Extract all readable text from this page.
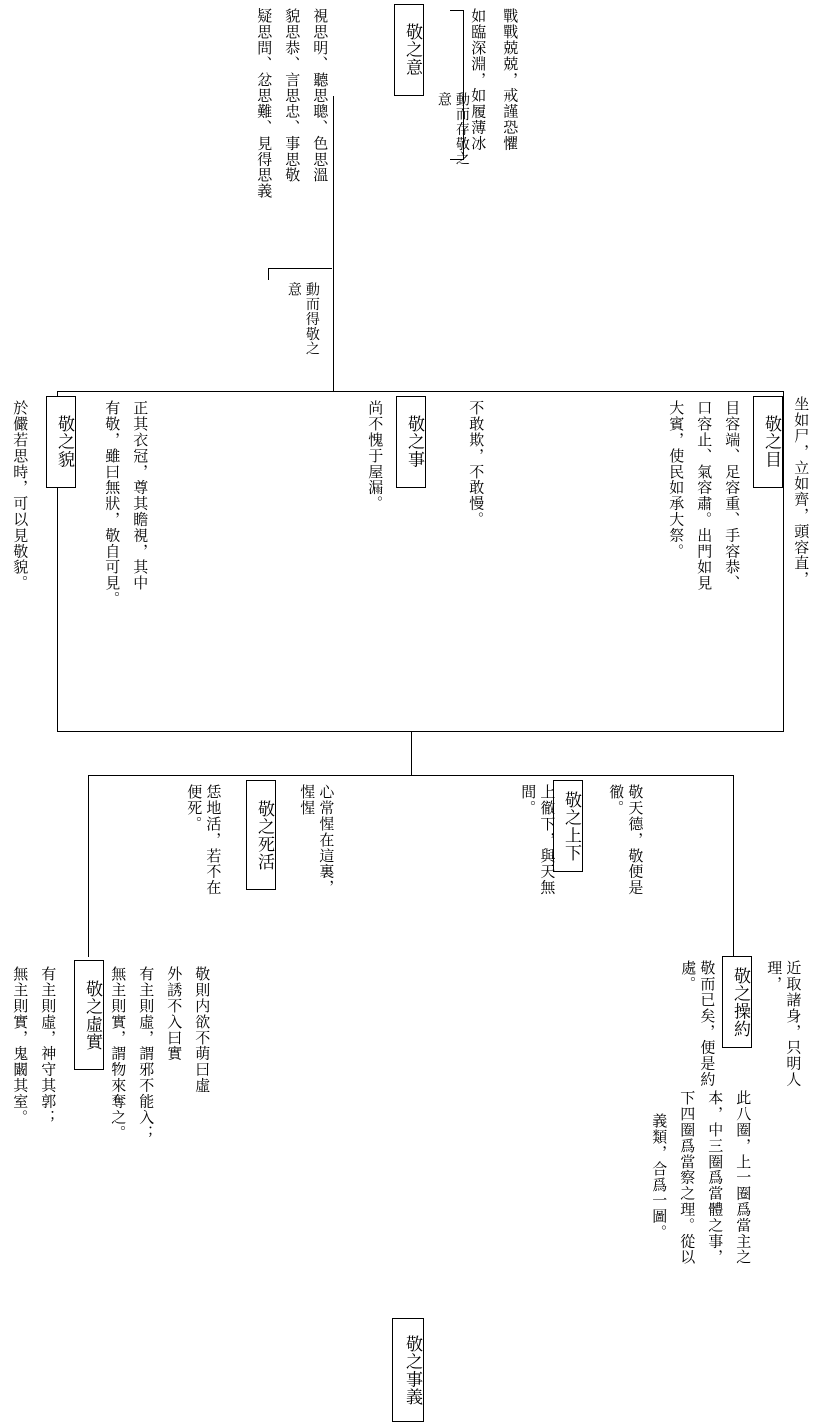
敬之意	戰戰兢兢，戒謹恐懼
如臨深淵，如履薄冰
動而存敬之意
視思明、聽思聰、色思溫
貌思恭、言思忠、事思敬
疑思問、忿思難、見得思義
動而得敬之意
敬之目 坐如尸，立如齊，頭容直，
目容端、足容重、手容恭、
口容止、氣容肅。出門如見
大賓，使民如承大祭。
敬之事	不敢欺，不敢慢。
尚不愧于屋漏。
敬之貌	正其衣冠，尊其瞻視，其中
有敬，雖曰無狀，敬自可見。
於儼若思時，可以見敬貌。
敬之死活	心常惺在這裏，惺惺
恁地活，若不在便死。	敬之上下	敬天德，敬便是徹。
上徹下，與天無間。
敬之操約	近取諸身，只明人理，
敬而已矣，便是約處。
此八圈，上一圈爲當主之
本，中三圈爲當體之事，
下四圈爲當察之理。從以
義類，合爲一圖。
敬之虛實	敬則内欲不萌曰虛
外誘不入曰實
有主則虛，謂邪不能入；
無主則實，謂物來奪之。
有主則虛，神守其郭；
無主則實，鬼闞其室。
敬之事義
